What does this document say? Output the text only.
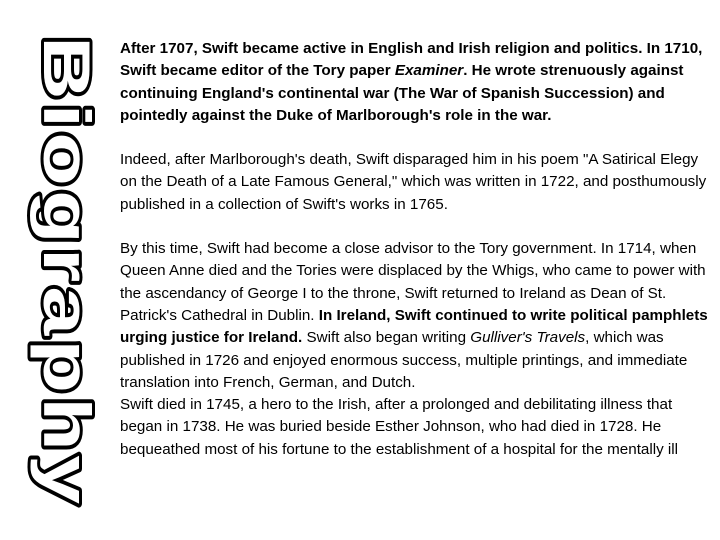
Biography After 1707, Swift became active in English and Irish religion and politics. In 1710, Swift became editor of the Tory paper Examiner. He wrote strenuously against continuing England's continental war (The War of Spanish Succession) and pointedly against the Duke of Marlborough's role in the war.

Indeed, after Marlborough's death, Swift disparaged him in his poem "A Satirical Elegy on the Death of a Late Famous General," which was written in 1722, and posthumously published in a collection of Swift's works in 1765.

By this time, Swift had become a close advisor to the Tory government. In 1714, when Queen Anne died and the Tories were displaced by the Whigs, who came to power with the ascendancy of George I to the throne, Swift returned to Ireland as Dean of St. Patrick's Cathedral in Dublin. In Ireland, Swift continued to write political pamphlets urging justice for Ireland. Swift also began writing Gulliver's Travels, which was published in 1726 and enjoyed enormous success, multiple printings, and immediate translation into French, German, and Dutch.

Swift died in 1745, a hero to the Irish, after a prolonged and debilitating illness that began in 1738. He was buried beside Esther Johnson, who had died in 1728. He bequeathed most of his fortune to the establishment of a hospital for the mentally ill
